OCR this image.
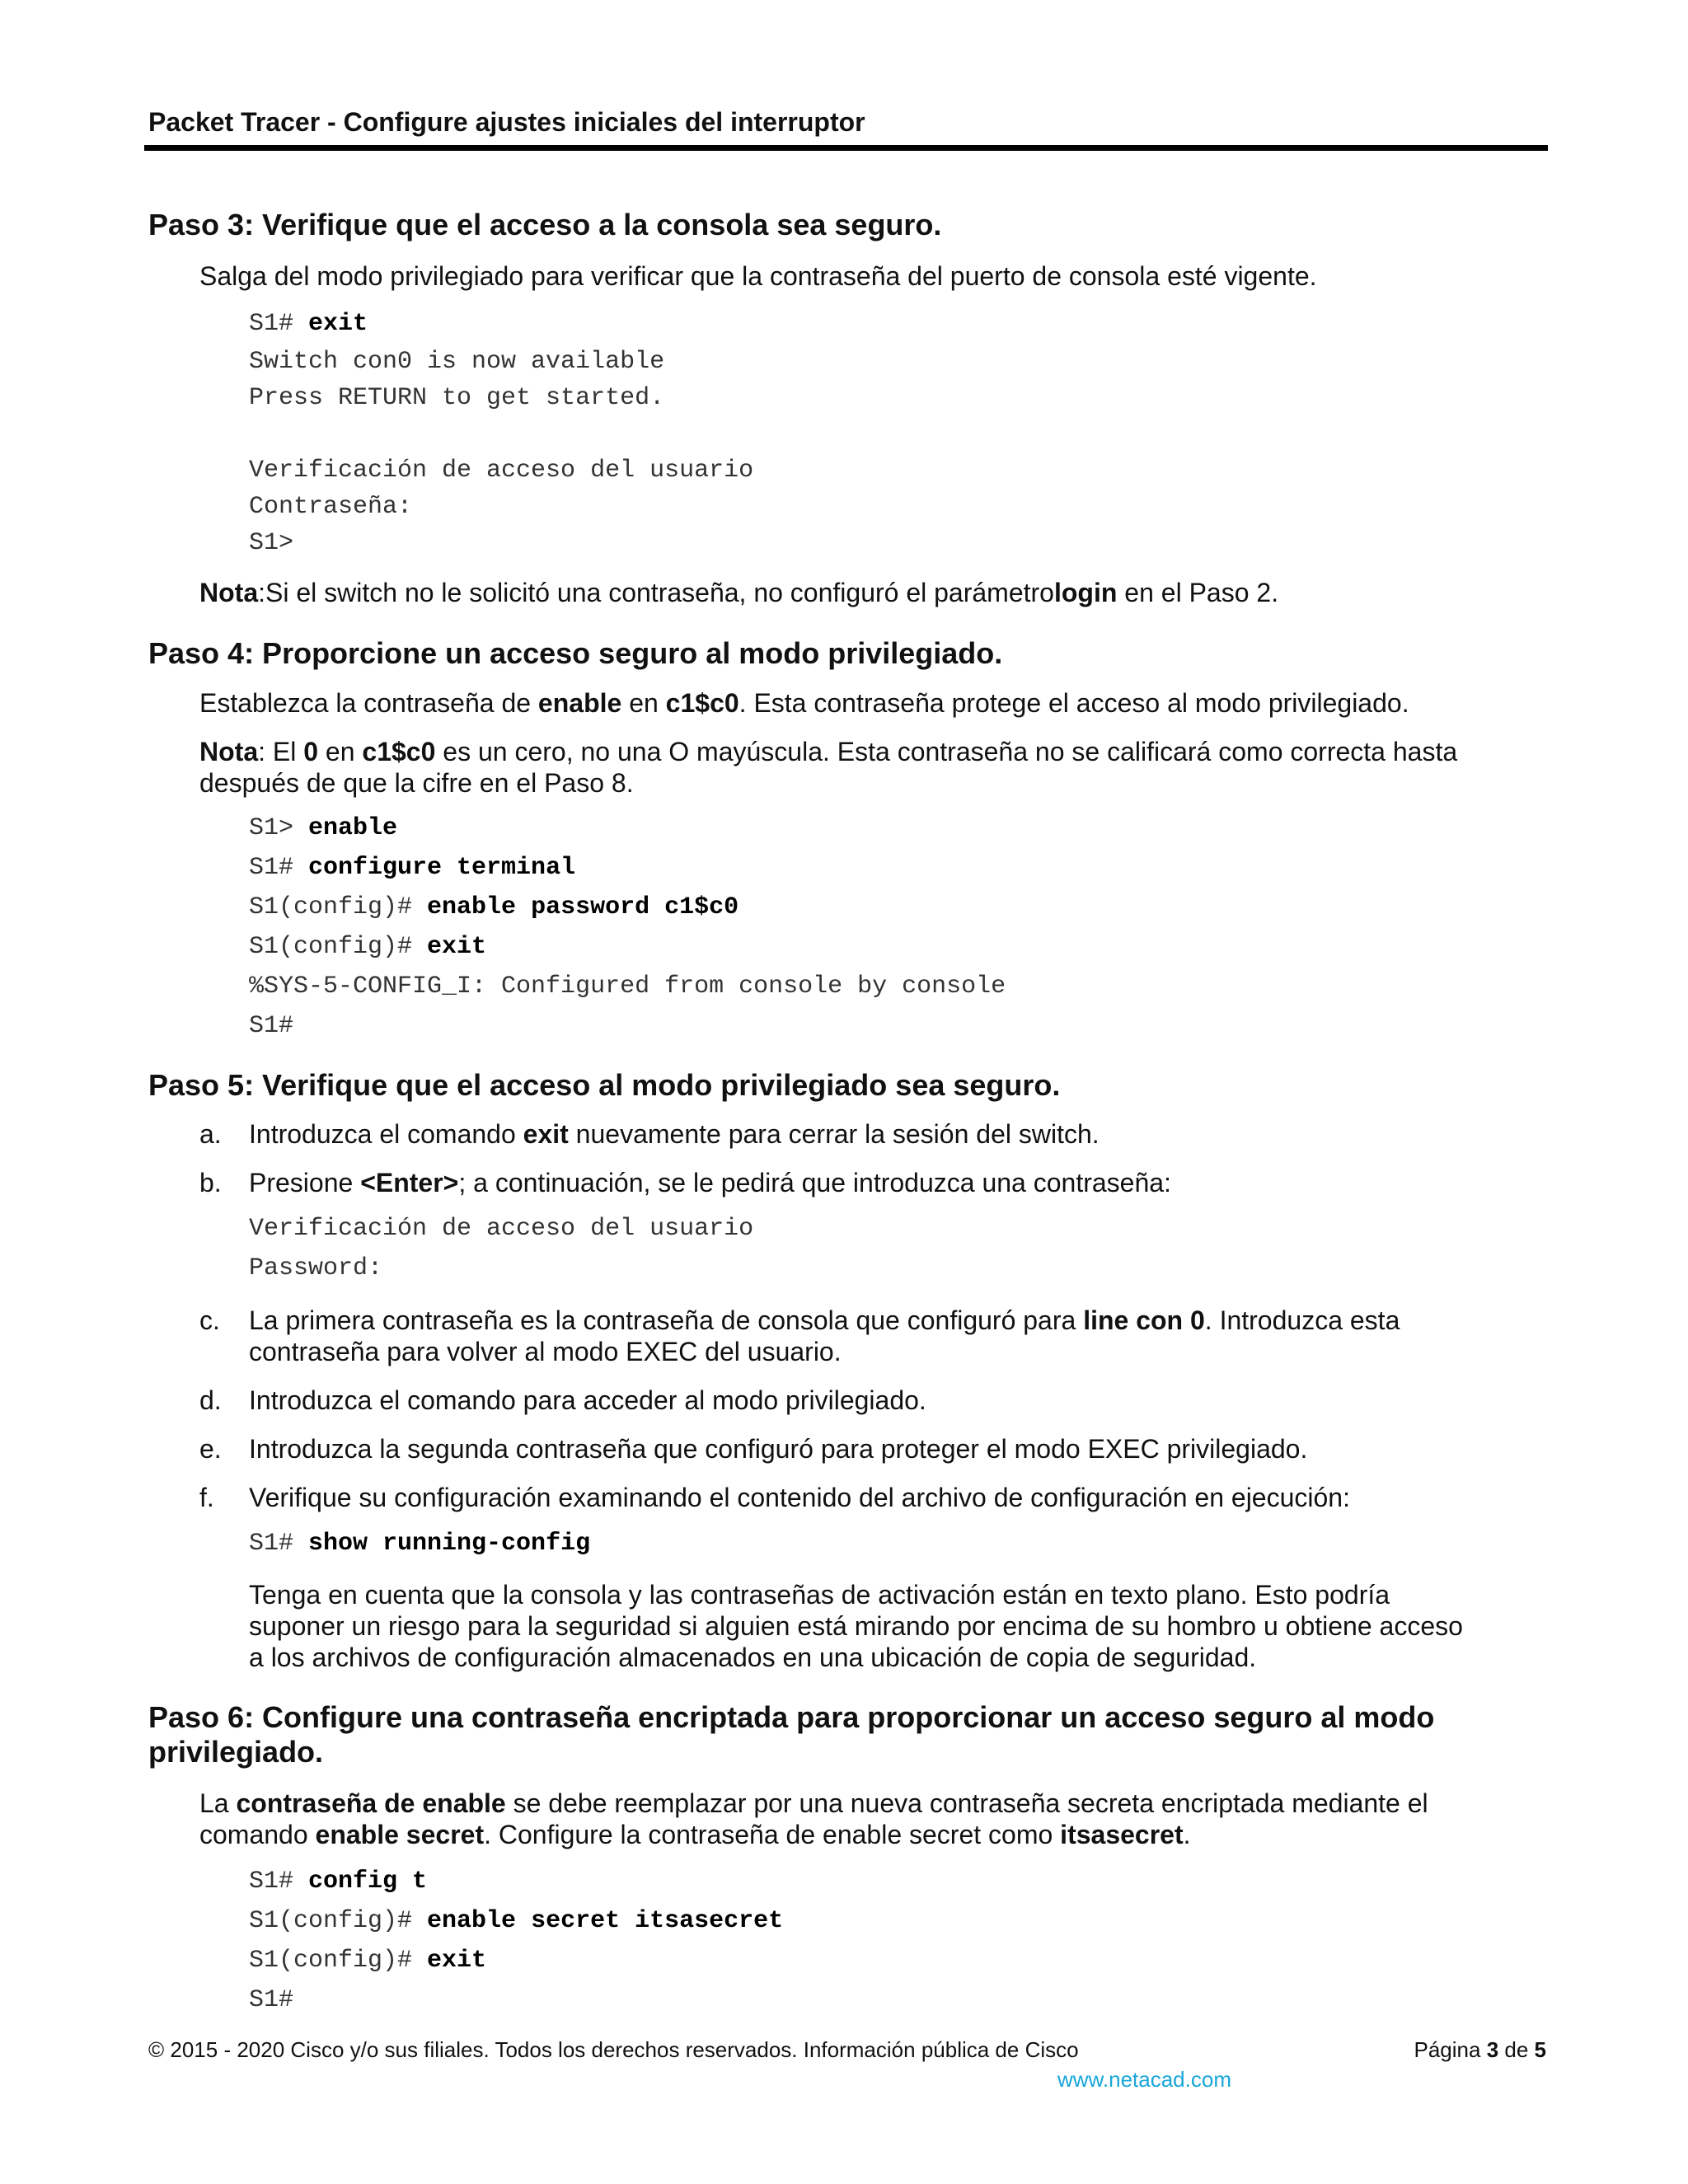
Packet Tracer - Configure ajustes iniciales del interruptor
Paso 3: Verifique que el acceso a la consola sea seguro.
Salga del modo privilegiado para verificar que la contraseña del puerto de consola esté vigente.
S1# exit
Switch con0 is now available
Press RETURN to get started.
Verificación de acceso del usuario
Contraseña:
S1>
Nota:Si el switch no le solicitó una contraseña, no configuró el parámetrologin en el Paso 2.
Paso 4: Proporcione un acceso seguro al modo privilegiado.
Establezca la contraseña de enable en c1$c0. Esta contraseña protege el acceso al modo privilegiado.
Nota: El 0 en c1$c0 es un cero, no una O mayúscula. Esta contraseña no se calificará como correcta hasta
después de que la cifre en el Paso 8.
S1> enable
S1# configure terminal
S1(config)# enable password c1$c0
S1(config)# exit
%SYS-5-CONFIG_I: Configured from console by console
S1#
Paso 5: Verifique que el acceso al modo privilegiado sea seguro.
a. Introduzca el comando exit nuevamente para cerrar la sesión del switch.
b. Presione <Enter>; a continuación, se le pedirá que introduzca una contraseña:
Verificación de acceso del usuario
Password:
c. La primera contraseña es la contraseña de consola que configuró para line con 0. Introduzca esta
contraseña para volver al modo EXEC del usuario.
d. Introduzca el comando para acceder al modo privilegiado.
e. Introduzca la segunda contraseña que configuró para proteger el modo EXEC privilegiado.
f. Verifique su configuración examinando el contenido del archivo de configuración en ejecución:
S1# show running-config
Tenga en cuenta que la consola y las contraseñas de activación están en texto plano. Esto podría
suponer un riesgo para la seguridad si alguien está mirando por encima de su hombro u obtiene acceso
a los archivos de configuración almacenados en una ubicación de copia de seguridad.
Paso 6: Configure una contraseña encriptada para proporcionar un acceso seguro al modo
privilegiado.
La contraseña de enable se debe reemplazar por una nueva contraseña secreta encriptada mediante el
comando enable secret. Configure la contraseña de enable secret como itsasecret.
S1# config t
S1(config)# enable secret itsasecret
S1(config)# exit
S1#
© 2015 - 2020 Cisco y/o sus filiales. Todos los derechos reservados. Información pública de Cisco	Página 3 de 5
www.netacad.com
